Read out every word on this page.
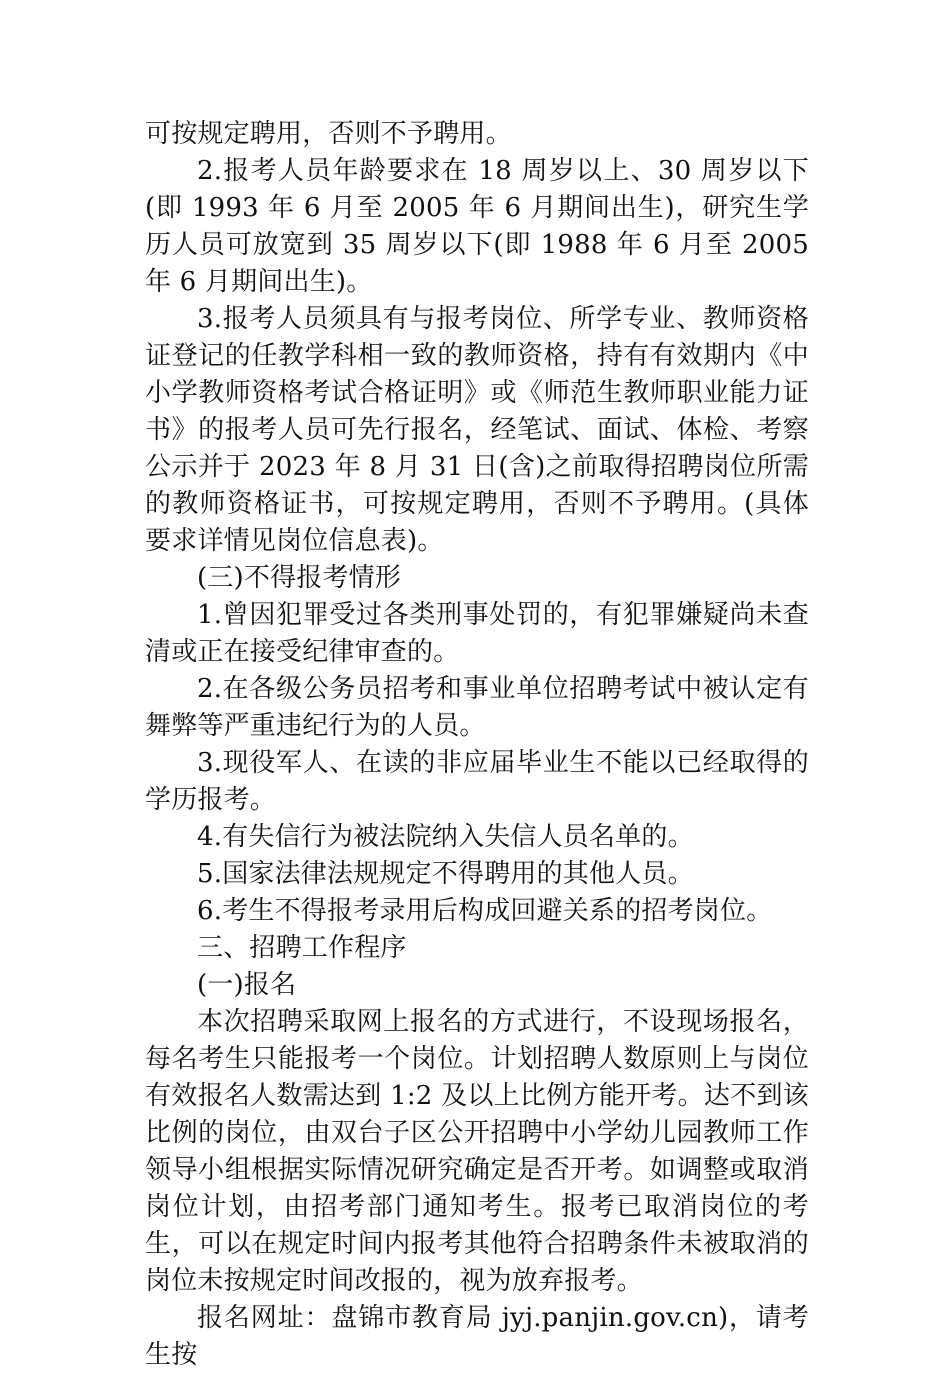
可按规定聘用，否则不予聘用。

2.报考人员年龄要求在 18 周岁以上、30 周岁以下(即 1993 年 6 月至 2005 年 6 月期间出生)，研究生学历人员可放宽到 35 周岁以下(即 1988 年 6 月至 2005 年 6 月期间出生)。

3.报考人员须具有与报考岗位、所学专业、教师资格证登记的任教学科相一致的教师资格，持有有效期内《中小学教师资格考试合格证明》或《师范生教师职业能力证书》的报考人员可先行报名，经笔试、面试、体检、考察公示并于 2023 年 8 月 31 日(含)之前取得招聘岗位所需的教师资格证书，可按规定聘用，否则不予聘用。(具体要求详情见岗位信息表)。

(三)不得报考情形

1.曾因犯罪受过各类刑事处罚的，有犯罪嫌疑尚未查清或正在接受纪律审查的。

2.在各级公务员招考和事业单位招聘考试中被认定有舞弊等严重违纪行为的人员。

3.现役军人、在读的非应届毕业生不能以已经取得的学历报考。

4.有失信行为被法院纳入失信人员名单的。

5.国家法律法规规定不得聘用的其他人员。

6.考生不得报考录用后构成回避关系的招考岗位。

三、招聘工作程序

(一)报名

本次招聘采取网上报名的方式进行，不设现场报名，每名考生只能报考一个岗位。计划招聘人数原则上与岗位有效报名人数需达到 1:2 及以上比例方能开考。达不到该比例的岗位，由双台子区公开招聘中小学幼儿园教师工作领导小组根据实际情况研究确定是否开考。如调整或取消岗位计划，由招考部门通知考生。报考已取消岗位的考生，可以在规定时间内报考其他符合招聘条件未被取消的岗位未按规定时间改报的，视为放弃报考。

报名网址：盘锦市教育局 jyj.panjin.gov.cn)，请考生按
